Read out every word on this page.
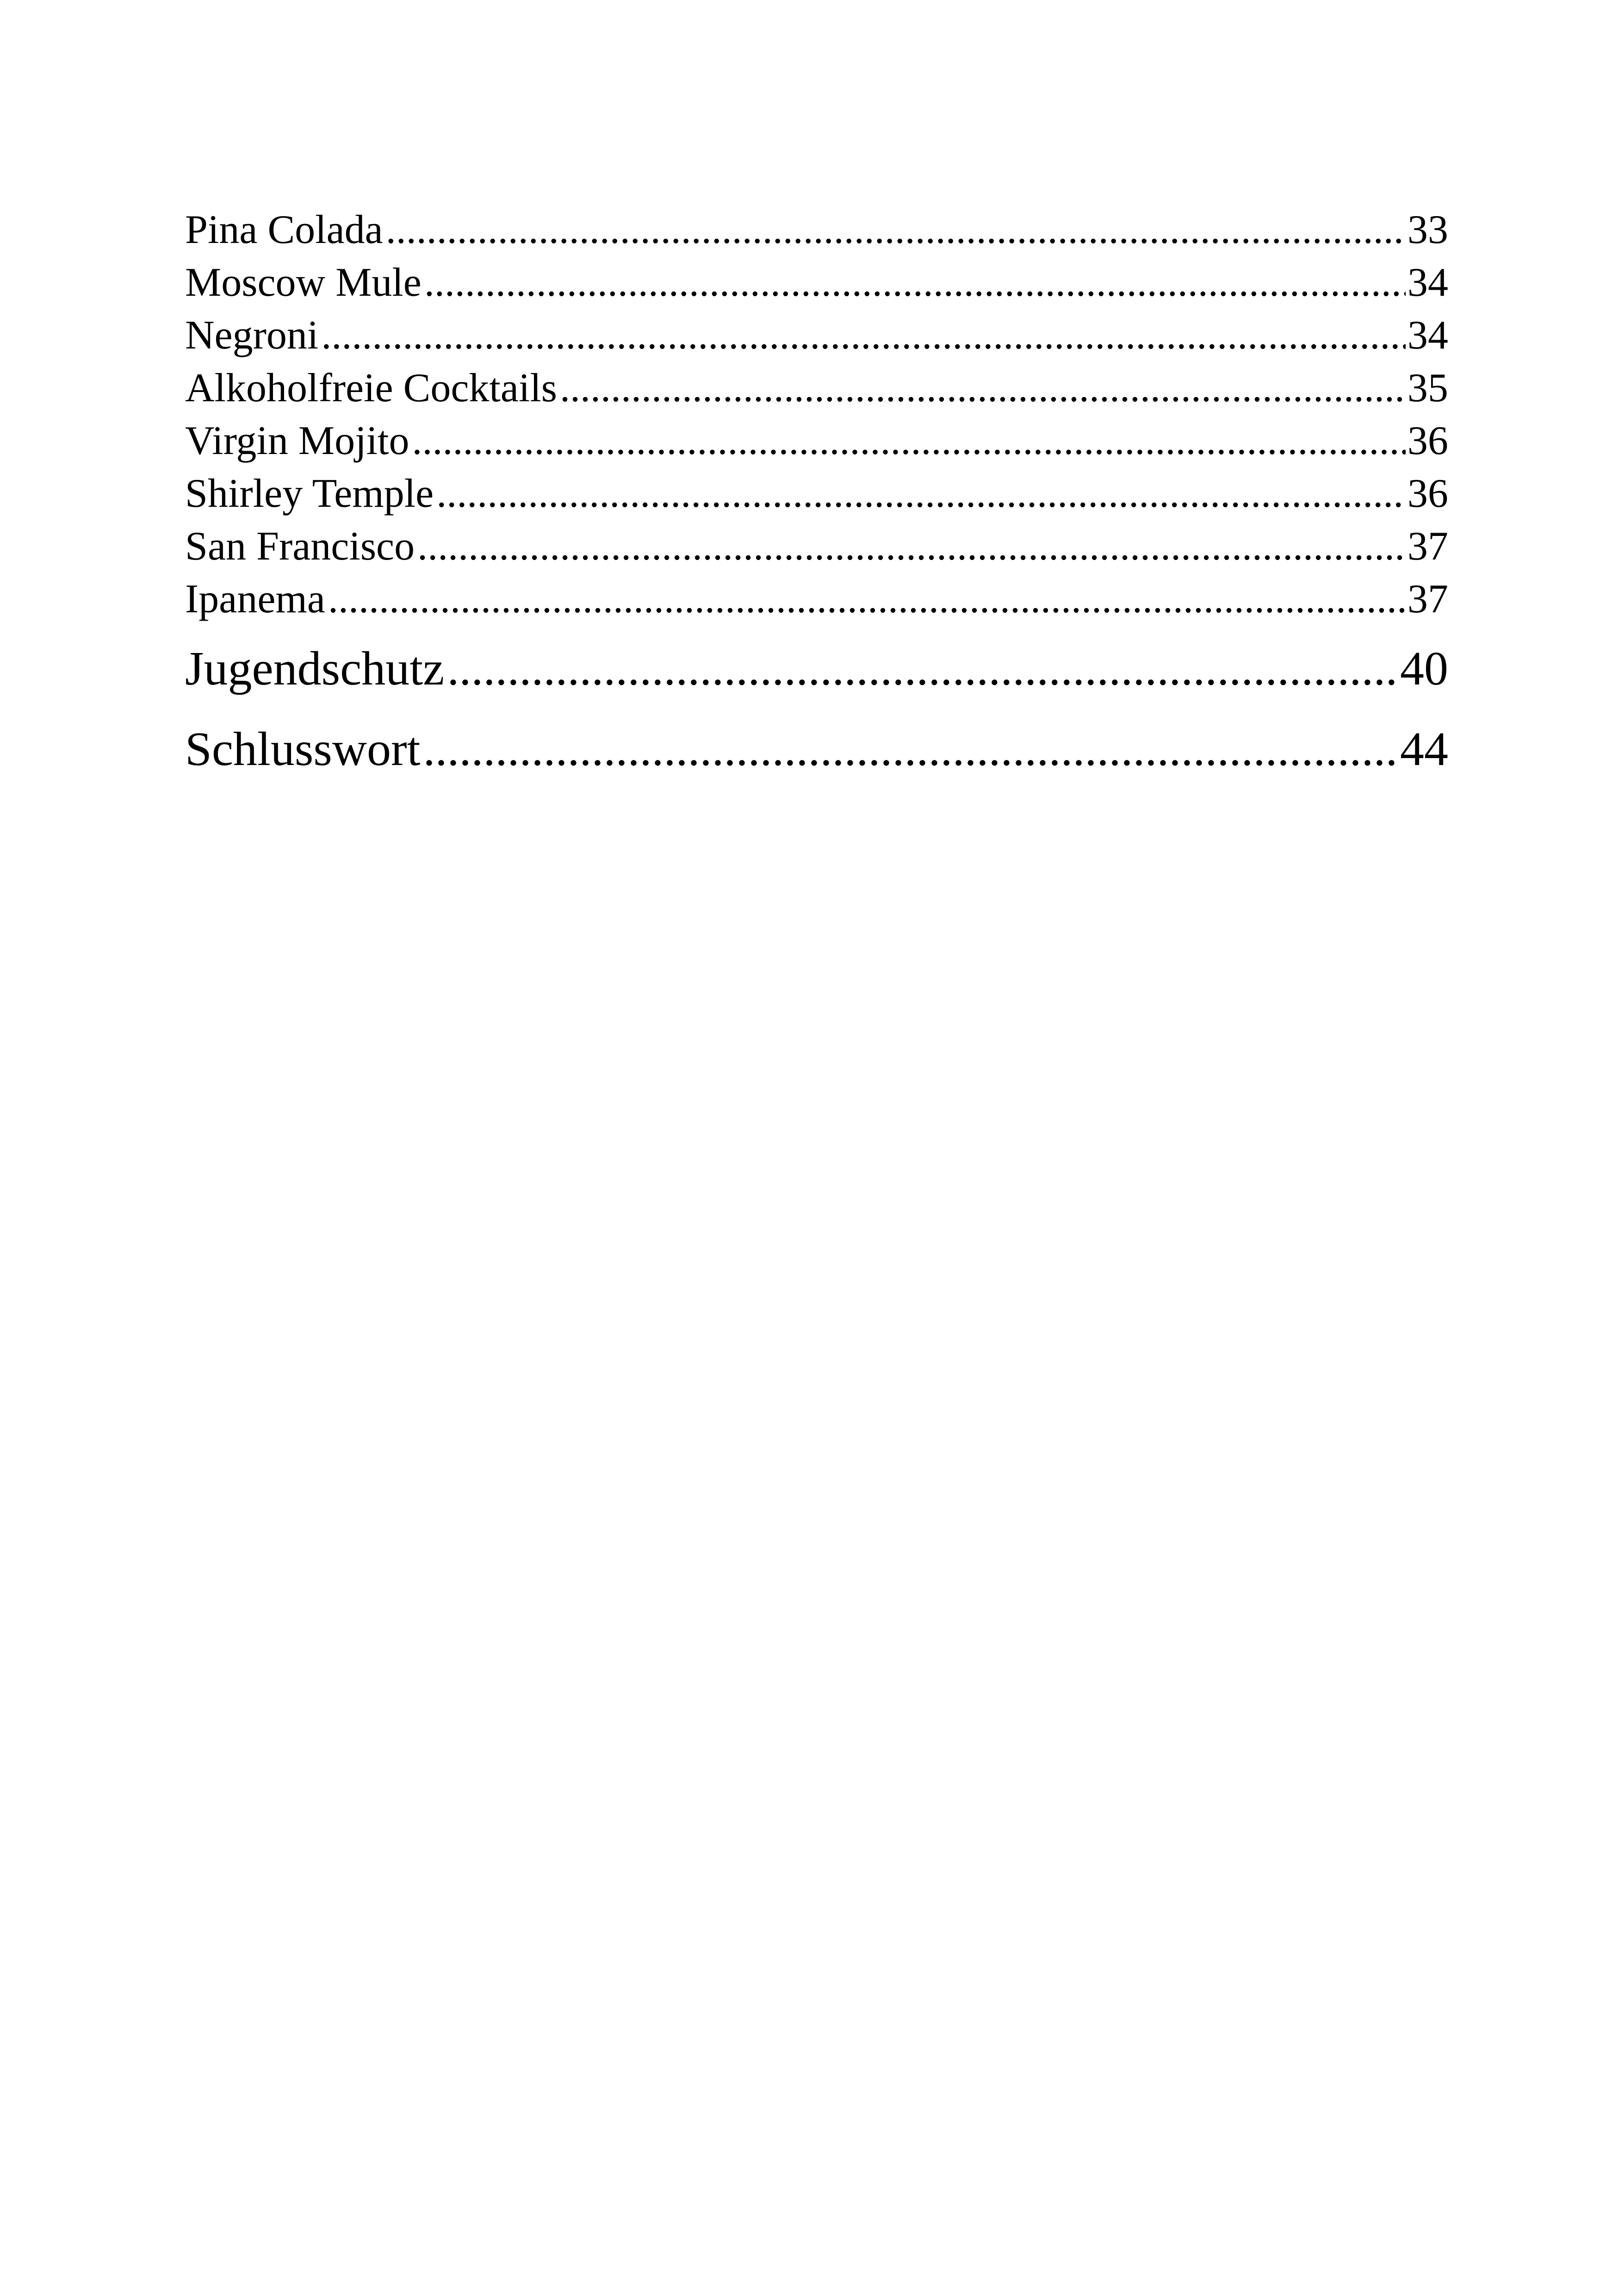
Pina Colada .....	33
Moscow Mule .....	34
Negroni .....	34
Alkoholfreie Cocktails .....	35
Virgin Mojito .....	36
Shirley Temple .....	36
San Francisco .....	37
Ipanema .....	37
Jugendschutz .....	40
Schlusswort .....	44
